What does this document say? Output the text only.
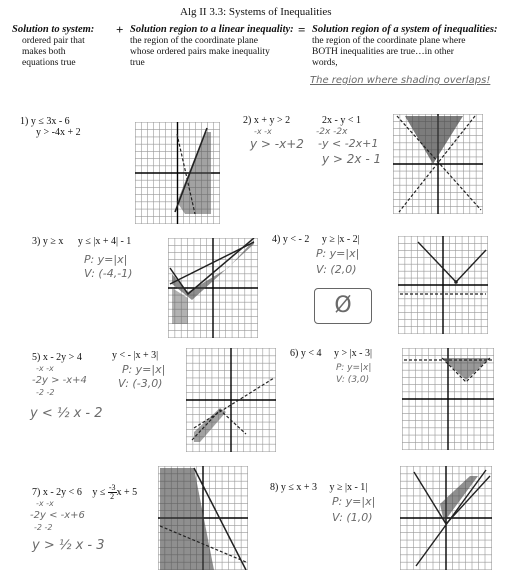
Alg II 3.3: Systems of Inequalities
Solution to system:
ordered pair that
makes both
equations true
+ Solution region to a linear inequality:
the region of the coordinate plane
whose ordered pairs make inequality
true
= Solution region of a system of inequalities:
the region of the coordinate plane where
BOTH inequalities are true…in other
words,
The region where shading overlaps!
1) y ≤ 3x - 6
y > -4x + 2
2) x + y > 2
-x -x
y > -x+2
2x - y < 1
-2x -2x
-y < -2x+1
y > 2x - 1
3) y ≥ x y ≤ |x + 4| - 1
P: y=|x|
V: (-4,-1)
4) y < - 2 y ≥ |x - 2|
P: y=|x|
V: (2,0)
Ø
5) x - 2y > 4	y < - |x + 3|
-x -x
-2y > -x+4
-2 -2
y < ½ x - 2
P: y=|x|
V: (-3,0)
6) y < 4 y > |x - 3|
P: y=|x|
V: (3,0)
7) x - 2y < 6 $y \le \frac{-3}{2}$ x + 5
-x -x
-2y < -x+6
-2 -2
y > ½ x - 3
8) y ≤ x + 3 y ≥ |x - 1|
P: y=|x|
V: (1,0)
